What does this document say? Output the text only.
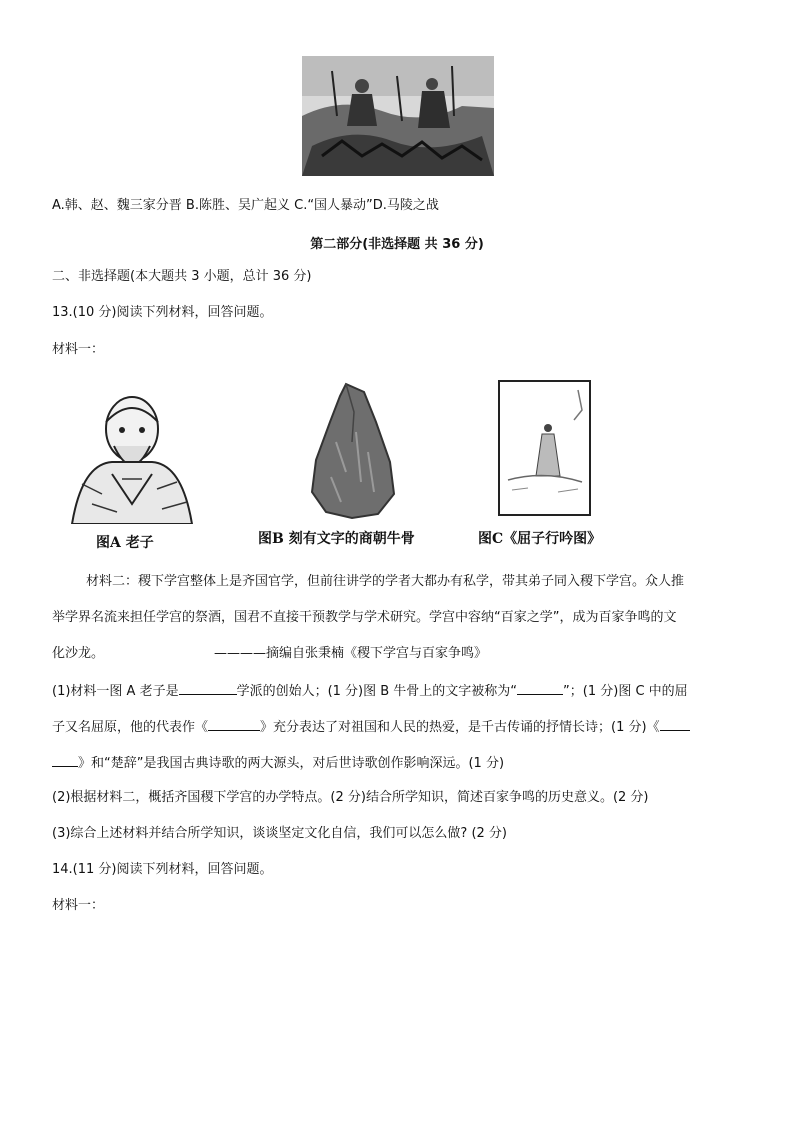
A.韩、赵、魏三家分晋 B.陈胜、吴广起义 C.“国人暴动”D.马陵之战
第二部分(非选择题 共 36 分)
二、非选择题(本大题共 3 小题，总计 36 分)
13.(10 分)阅读下列材料，回答问题。
材料一：
图A 老子	图B 刻有文字的商朝牛骨	图C《屈子行吟图》
材料二：稷下学宫整体上是齐国官学，但前往讲学的学者大都办有私学，带其弟子同入稷下学宫。众人推
举学界名流来担任学宫的祭酒，国君不直接干预教学与学术研究。学宫中容纳“百家之学”，成为百家争鸣的文
化沙龙。	————摘编自张秉楠《稷下学宫与百家争鸣》
(1)材料一图 A 老子是	学派的创始人；(1 分)图 B 牛骨上的文字被称为“	”；(1 分)图 C 中的屈
子又名屈原，他的代表作《	》充分表达了对祖国和人民的热爱，是千古传诵的抒情长诗；(1 分)《
》和“楚辞”是我国古典诗歌的两大源头，对后世诗歌创作影响深远。(1 分)
(2)根据材料二，概括齐国稷下学宫的办学特点。(2 分)结合所学知识，简述百家争鸣的历史意义。(2 分)
(3)综合上述材料并结合所学知识，谈谈坚定文化自信，我们可以怎么做? (2 分)
14.(11 分)阅读下列材料，回答问题。
材料一：
